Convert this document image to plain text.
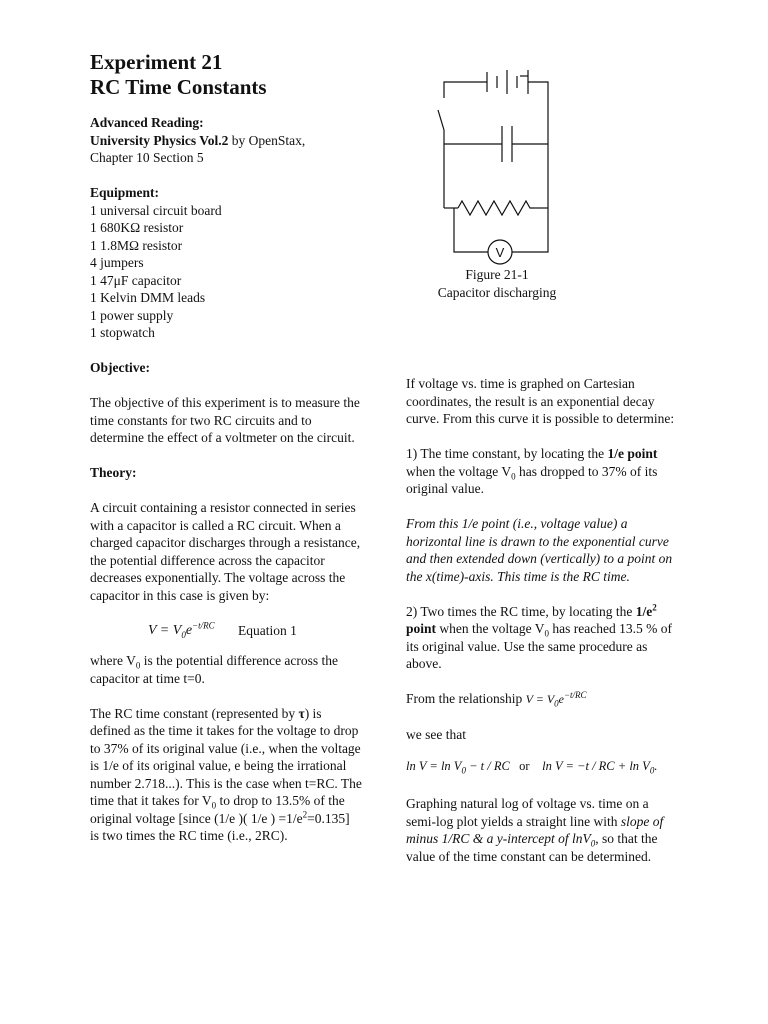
Experiment 21
RC Time Constants

Advanced Reading:

University Physics Vol.2 by OpenStax,

Chapter 10 Section 5

Equipment:

1 universal circuit board

1 680KΩ resistor

1 1.8MΩ resistor

4 jumpers

1 47μF capacitor

1 Kelvin DMM leads

1 power supply

1 stopwatch

Objective:

The objective of this experiment is to measure the time constants for two RC circuits and to determine the effect of a voltmeter on the circuit.

Theory:

A circuit containing a resistor connected in series with a capacitor is called a RC circuit. When a charged capacitor discharges through a resistance, the potential difference across the capacitor decreases exponentially. The voltage across the capacitor in this case is given by:

$V = V_0e^{-t/RC}$ Equation 1

where $V_0$ is the potential difference across the capacitor at time t=0.

The RC time constant (represented by τ) is defined as the time it takes for the voltage to drop to 37% of its original value (i.e., when the voltage is 1/e of its original value, e being the irrational number 2.718...). This is the case when t=RC. The time that it takes for $V_0$ to drop to 13.5% of the original voltage [since (1/e )( 1/e ) $=1/e^2=0.135$] is two times the RC time (i.e., 2RC).

V

Figure 21-1

Capacitor discharging

If voltage vs. time is graphed on Cartesian coordinates, the result is an exponential decay curve. From this curve it is possible to determine:

1) The time constant, by locating the 1/e point when the voltage $V_0$ has dropped to 37% of its original value.

From this 1/e point (i.e., voltage value) a horizontal line is drawn to the exponential curve and then extended down (vertically) to a point on the x(time)-axis. This time is the RC time.

2) Two times the RC time, by locating the $1/e^2$ point when the voltage $V_0$ has reached 13.5 % of its original value. Use the same procedure as above.

From the relationship $V = V_0e^{-t/RC}$

we see that

$\ln V = \ln V_0 - t$ / RC or ln V = −t / RC + $\ln V_0$.

Graphing natural log of voltage vs. time on a semi-log plot yields a straight line with slope of minus 1/RC & a y-intercept of lnV$_0$, so that the value of the time constant can be determined.
